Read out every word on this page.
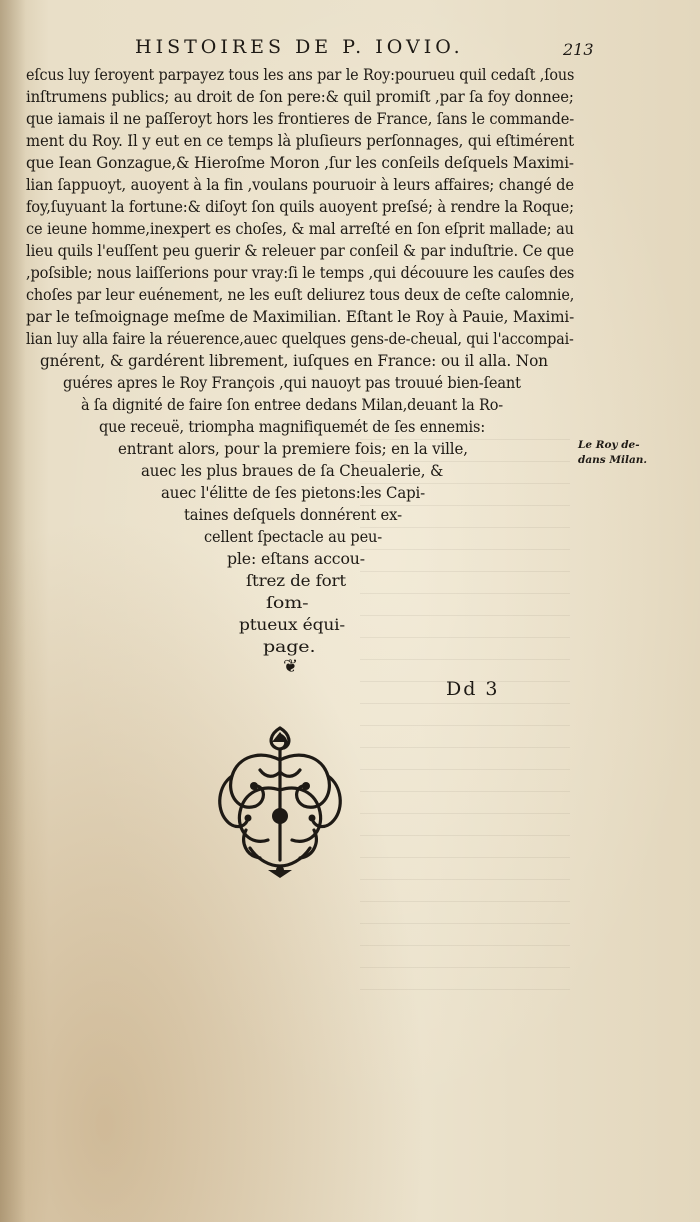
HISTOIRES DE P. IOVIO.	213
eſcus luy ſeroyent parpayez tous les ans par le Roy:pourueu quil cedaſt ,ſous
inſtrumens publics; au droit de ſon pere:& quil promiſt ,par ſa foy donnee;
que iamais il ne paſſeroyt hors les frontieres de France, ſans le commande-
ment du Roy. Il y eut en ce temps là pluſieurs perſonnages, qui eſtimérent
que Iean Gonzague,& Hieroſme Moron ,ſur les conſeils deſquels Maximi-
lian ſappuoyt, auoyent à la fin ,voulans pouruoir à leurs affaires; changé de
foy,ſuyuant la fortune:& diſoyt ſon quils auoyent preſsé; à rendre la Roque;
ce ieune homme,inexpert es choſes, & mal arreſté en ſon eſprit mallade; au
lieu quils l'euſſent peu guerir & releuer par conſeil & par induſtrie. Ce que
,poſsible; nous laiſſerions pour vray:ſi le temps ,qui découure les cauſes des
choſes par leur euénement, ne les euſt deliurez tous deux de ceſte calomnie,
par le teſmoignage meſme de Maximilian. Eſtant le Roy à Pauie, Maximi-
lian luy alla faire la réuerence,auec quelques gens-de-cheual, qui l'accompai-
gnérent, & gardérent librement, iuſques en France: ou il alla. Non
guéres apres le Roy François ,qui nauoyt pas trouué bien-ſeant
à ſa dignité de faire ſon entree dedans Milan,deuant la Ro-
que receuë, triompha magnifiquemét de ſes ennemis:
entrant alors, pour la premiere fois; en la ville,
auec les plus braues de ſa Cheualerie, &
auec l'élitte de ſes pietons:les Capi-
taines deſquels donnérent ex-
cellent ſpectacle au peu-
ple: eſtans accou-
ſtrez de fort
ſom-
ptueux équi-
page.
Le Roy de-
dans Milan.
❦
Dd 3
